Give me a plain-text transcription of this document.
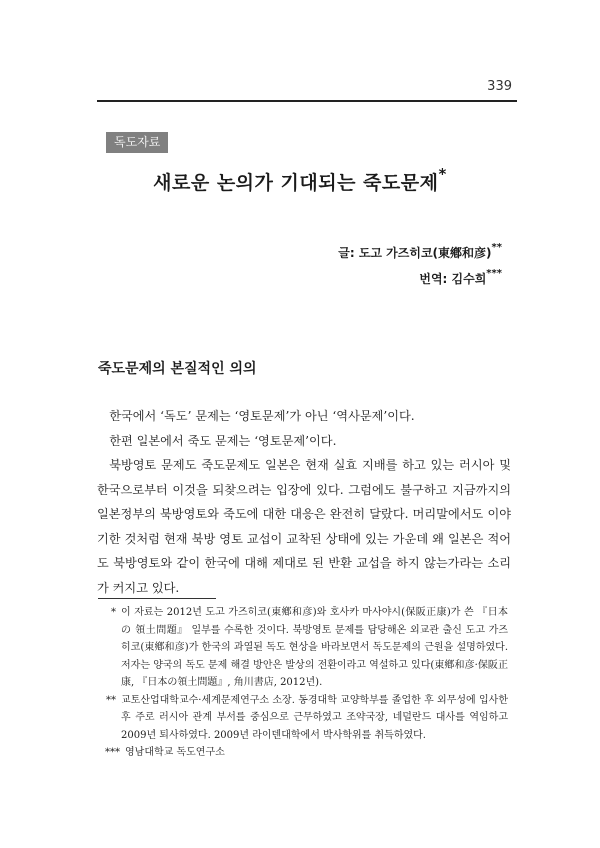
339
독도자료
새로운 논의가 기대되는 죽도문제*
글: 도고 가즈히코(東鄕和彦)**
번역: 김수희***
죽도문제의 본질적인 의의

한국에서 ‘독도’ 문제는 ‘영토문제’가 아닌 ‘역사문제’이다.

한편 일본에서 죽도 문제는 ‘영토문제’이다.

북방영토 문제도 죽도문제도 일본은 현재 실효 지배를 하고 있는 러시아 및 한국으로부터 이것을 되찾으려는 입장에 있다. 그럼에도 불구하고 지금까지의 일본정부의 북방영토와 죽도에 대한 대응은 완전히 달랐다. 머리말에서도 이야기한 것처럼 현재 북방 영토 교섭이 교착된 상태에 있는 가운데 왜 일본은 적어도 북방영토와 같이 한국에 대해 제대로 된 반환 교섭을 하지 않는가라는 소리가 커지고 있다.

* 이 자료는 2012년 도고 가즈히코(東鄕和彦)와 호사카 마사야시(保阪正康)가 쓴 『日本の 領土問題』 일부를 수록한 것이다. 북방영토 문제를 담당해온 외교관 출신 도고 가즈히코(東鄕和彦)가 한국의 과열된 독도 현상을 바라보면서 독도문제의 근원을 설명하였다. 저자는 양국의 독도 문제 해결 방안은 발상의 전환이라고 역설하고 있다(東鄕和彦·保阪正康, 『日本の領土問題』, 角川書店, 2012년).
** 교토산업대학교수·세계문제연구소 소장. 동경대학 교양학부를 졸업한 후 외무성에 입사한 후 주로 러시아 관계 부서를 중심으로 근무하였고 조약국장, 네덜란드 대사를 역임하고 2009년 퇴사하였다. 2009년 라이덴대학에서 박사학위를 취득하였다.
*** 영남대학교 독도연구소
